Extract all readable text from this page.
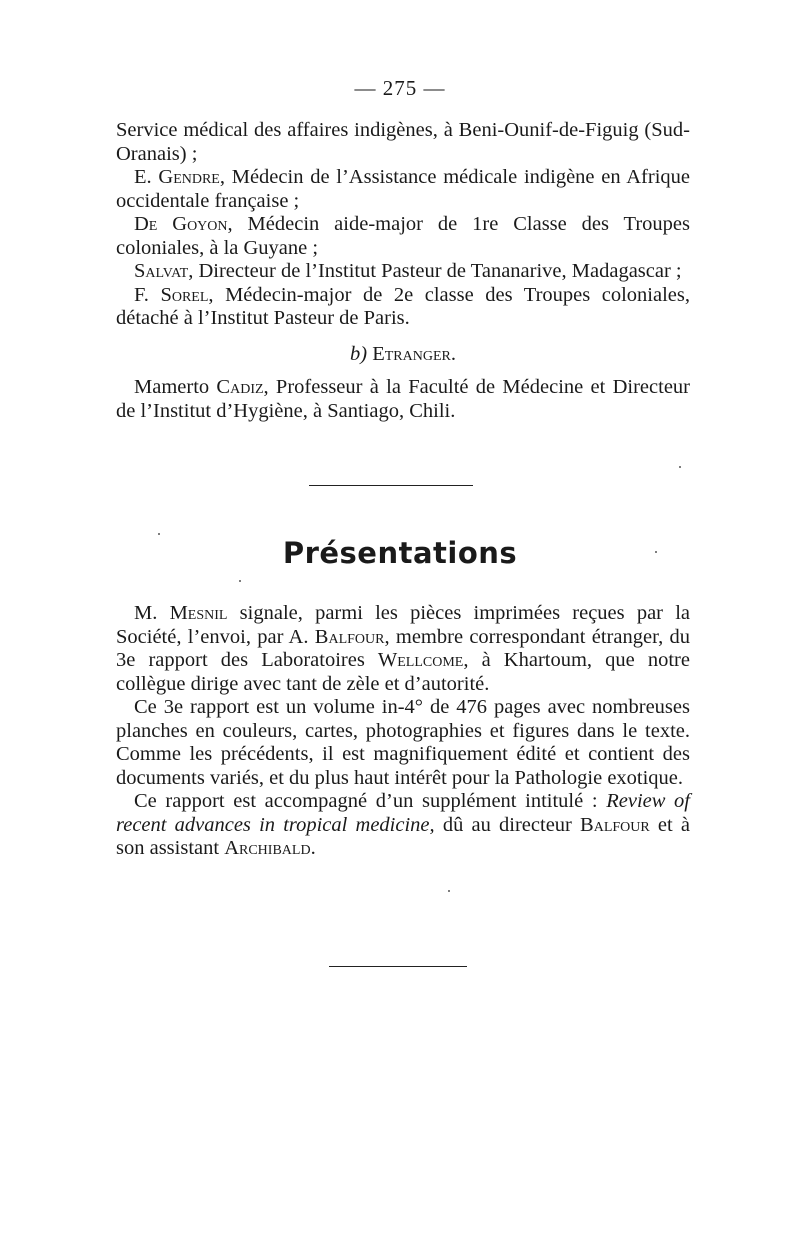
— 275 —

Service médical des affaires indigènes, à Beni-Ounif-de-Figuig (Sud-Oranais) ;

E. Gendre, Médecin de l’Assistance médicale indigène en Afrique occidentale française ;

De Goyon, Médecin aide-major de 1re Classe des Troupes coloniales, à la Guyane ;

Salvat, Directeur de l’Institut Pasteur de Tananarive, Madagascar ;

F. Sorel, Médecin-major de 2e classe des Troupes coloniales, détaché à l’Institut Pasteur de Paris.

b) Etranger.

Mamerto Cadiz, Professeur à la Faculté de Médecine et Directeur de l’Institut d’Hygiène, à Santiago, Chili.

Présentations

M. Mesnil signale, parmi les pièces imprimées reçues par la Société, l’envoi, par A. Balfour, membre correspondant étranger, du 3e rapport des Laboratoires Wellcome, à Khartoum, que notre collègue dirige avec tant de zèle et d’autorité.

Ce 3e rapport est un volume in-4° de 476 pages avec nombreuses planches en couleurs, cartes, photographies et figures dans le texte. Comme les précédents, il est magnifiquement édité et contient des documents variés, et du plus haut intérêt pour la Pathologie exotique.

Ce rapport est accompagné d’un supplément intitulé : Review of recent advances in tropical medicine, dû au directeur Balfour et à son assistant Archibald.
